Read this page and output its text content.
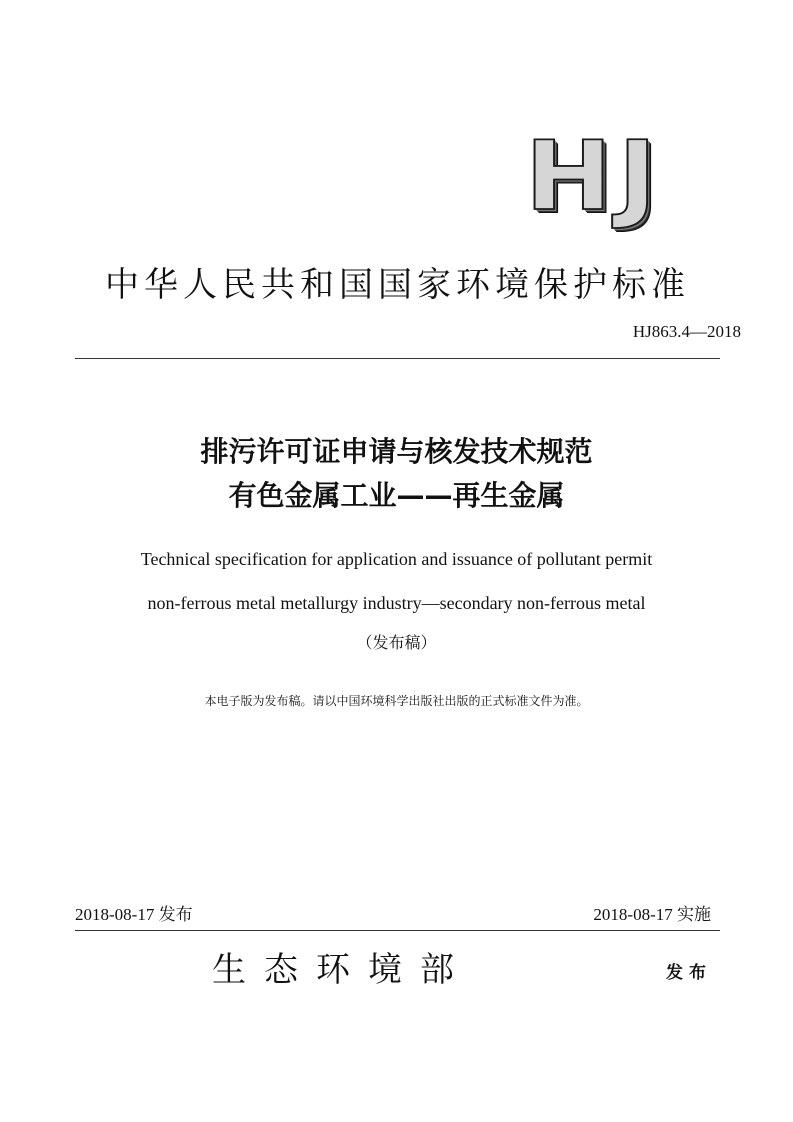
HJ
中华人民共和国国家环境保护标准
HJ863.4—2018
排污许可证申请与核发技术规范
有色金属工业——再生金属
Technical specification for application and issuance of pollutant permit
non-ferrous metal metallurgy industry—secondary non-ferrous metal
（发布稿）
本电子版为发布稿。请以中国环境科学出版社出版的正式标准文件为准。
2018-08-17 发布	2018-08-17 实施
生态环境部	发布
